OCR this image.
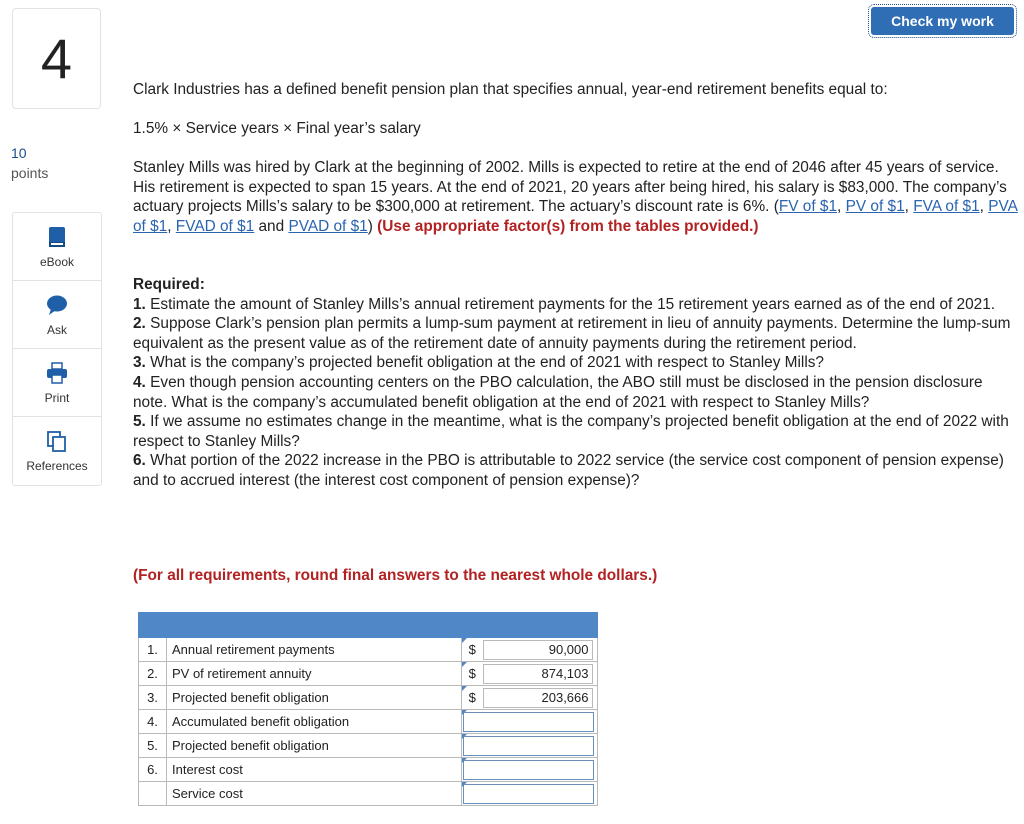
4
10
points
Check my work
eBook
Ask
Print
References

Clark Industries has a defined benefit pension plan that specifies annual, year-end retirement benefits equal to:

1.5% × Service years × Final year’s salary

Stanley Mills was hired by Clark at the beginning of 2002. Mills is expected to retire at the end of 2046 after 45 years of service. His retirement is expected to span 15 years. At the end of 2021, 20 years after being hired, his salary is $83,000. The company’s actuary projects Mills’s salary to be $300,000 at retirement. The actuary’s discount rate is 6%. (FV of $1, PV of $1, FVA of $1, PVA of $1, FVAD of $1 and PVAD of $1) (Use appropriate factor(s) from the tables provided.)

Required:
1. Estimate the amount of Stanley Mills’s annual retirement payments for the 15 retirement years earned as of the end of 2021.
2. Suppose Clark’s pension plan permits a lump-sum payment at retirement in lieu of annuity payments. Determine the lump-sum equivalent as the present value as of the retirement date of annuity payments during the retirement period.
3. What is the company’s projected benefit obligation at the end of 2021 with respect to Stanley Mills?
4. Even though pension accounting centers on the PBO calculation, the ABO still must be disclosed in the pension disclosure note. What is the company’s accumulated benefit obligation at the end of 2021 with respect to Stanley Mills?
5. If we assume no estimates change in the meantime, what is the company’s projected benefit obligation at the end of 2022 with respect to Stanley Mills?
6. What portion of the 2022 increase in the PBO is attributable to 2022 service (the service cost component of pension expense) and to accrued interest (the interest cost component of pension expense)?

(For all requirements, round final answers to the nearest whole dollars.)

1.	Annual retirement payments	$	90,000

2.	PV of retirement annuity	$	874,103

3.	Projected benefit obligation	$	203,666

4.	Accumulated benefit obligation		

5.	Projected benefit obligation		

6.	Interest cost		

	Service cost		
